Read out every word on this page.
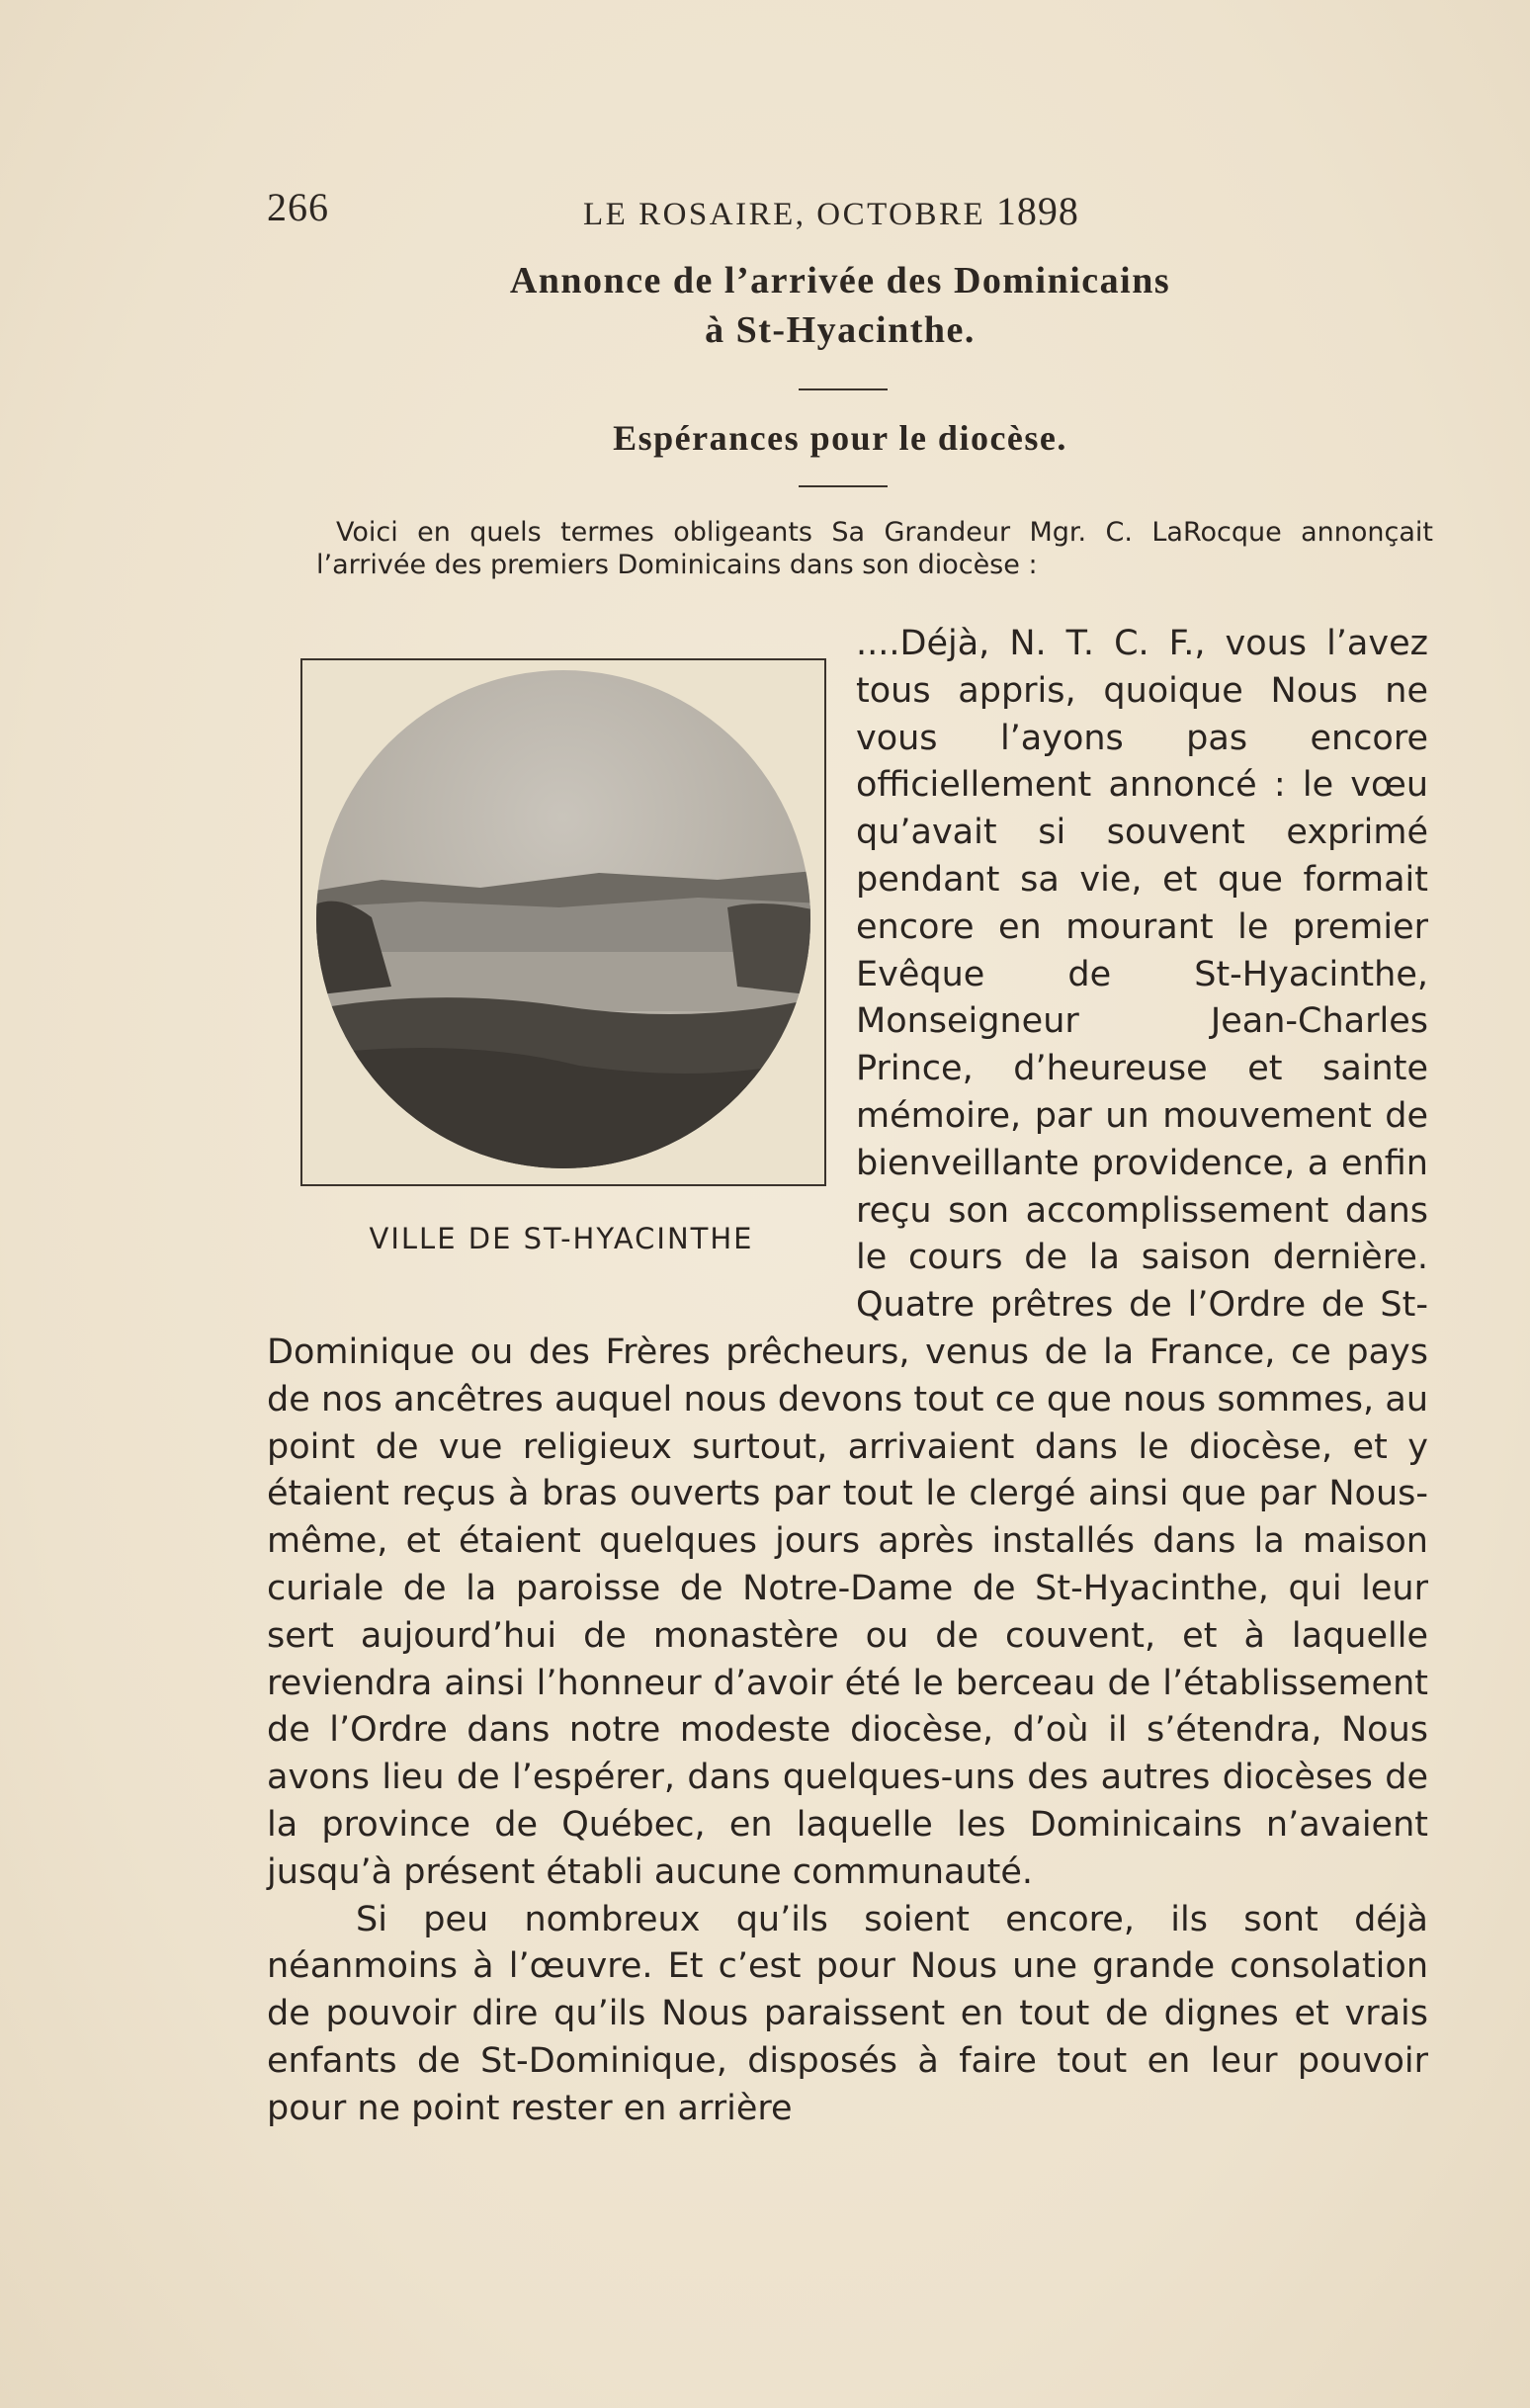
266	LE ROSAIRE, OCTOBRE 1898
Annonce de l’arrivée des Dominicains
à St-Hyacinthe.
Espérances pour le diocèse.
Voici en quels termes obligeants Sa Grandeur Mgr. C. LaRocque annonçait l’arrivée des premiers Dominicains dans son diocèse :
VILLE DE ST-HYACINTHE

....Déjà, N. T. C. F., vous l’avez tous appris, quoique Nous ne vous l’ayons pas encore officiellement annoncé : le vœu qu’avait si souvent exprimé pendant sa vie, et que formait encore en mourant le premier Evêque de St-Hyacinthe, Monseigneur Jean-Charles Prince, d’heureuse et sainte mémoire, par un mouvement de bienveillante providence, a enfin reçu son accomplissement dans le cours de la saison dernière. Quatre prêtres de l’Ordre de St-Dominique ou des Frères prêcheurs, venus de la France, ce pays de nos ancêtres auquel nous devons tout ce que nous sommes, au point de vue religieux surtout, arrivaient dans le diocèse, et y étaient reçus à bras ouverts par tout le clergé ainsi que par Nous-même, et étaient quelques jours après installés dans la maison curiale de la paroisse de Notre-Dame de St-Hyacinthe, qui leur sert aujourd’hui de monastère ou de couvent, et à laquelle reviendra ainsi l’honneur d’avoir été le berceau de l’établissement de l’Ordre dans notre modeste diocèse, d’où il s’étendra, Nous avons lieu de l’espérer, dans quelques-uns des autres diocèses de la province de Québec, en laquelle les Dominicains n’avaient jusqu’à présent établi aucune communauté.

Si peu nombreux qu’ils soient encore, ils sont déjà néanmoins à l’œuvre. Et c’est pour Nous une grande consolation de pouvoir dire qu’ils Nous paraissent en tout de dignes et vrais enfants de St-Dominique, disposés à faire tout en leur pouvoir pour ne point rester en arrière
